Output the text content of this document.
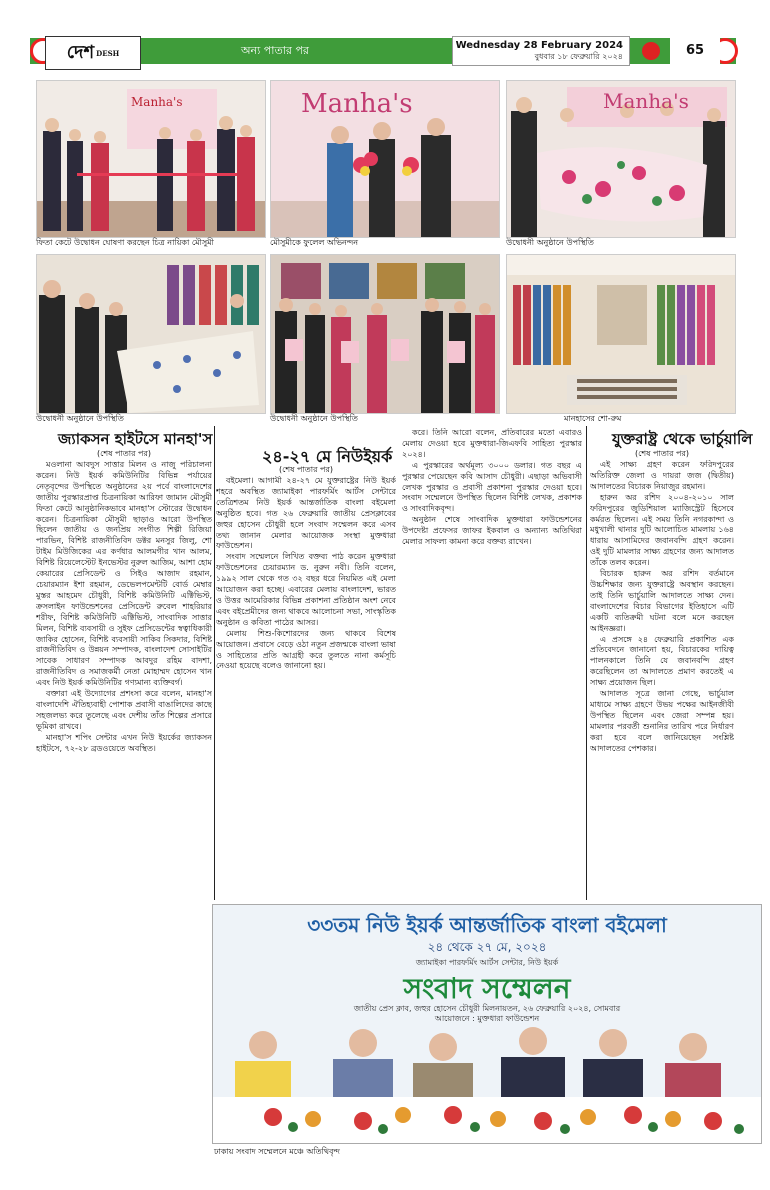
দেশ DESH	অন্য পাতার পর	Wednesday 28 February 2024
বুধবার ১৮ ফেব্রুয়ারি ২০২৪	65
Manha's
ফিতা কেটে উদ্বোধন ঘোষণা করছেন চিত্র নায়িকা মৌসুমী
Manha's
মৌসুমীকে ফুলেল অভিনন্দন
Manha's
উদ্বোধনী অনুষ্ঠানে উপস্থিতি
উদ্বোধনী অনুষ্ঠানে উপস্থিতি	উদ্বোধনী অনুষ্ঠানে উপস্থিতি	মানহাসের শো-রুম
জ্যাকসন হাইটসে মানহা'স
(শেষ পাতার পর)

মওলানা আবদুস সাত্তার মিলন ও নাজু পরিচালনা করেন। নিউ ইয়র্ক কমিউনিটির বিভিন্ন পর্যায়ের নেতৃবৃন্দের উপস্থিতে অনুষ্ঠানের ২য় পর্বে বাংলাদেশের জাতীয় পুরস্কারপ্রাপ্ত চিত্রনায়িকা আরিফা জামান মৌসুমী ফিতা কেটে আনুষ্ঠানিকভাবে মানহা'স স্টোরের উদ্বোধন করেন। চিত্রনায়িকা মৌসুমী ছাড়াও আরো উপস্থিত ছিলেন জাতীয় ও জনপ্রিয় সংগীত শিল্পী রিজিয়া পারভিন, বিশিষ্ট রাজনীতিবিদ ডক্টর মনসুর জিলু, শো টাইম মিউজিকের এর কর্ণধার আলমগীর খান আলম, বিশিষ্ট রিয়েলেস্টেট ইনভেস্টর নুরুল আজিম, আশা হোম কেয়ারের প্রেসিডেন্ট ও সিইও আজাদ রহমান, চেয়ারম্যান ইশা রহমান, ডেভেলপমেন্টটি বোর্ড মেম্বার মুস্তর আহমেদ চৌধুরী, বিশিষ্ট কমিউনিটি এক্টিভিস্ট, ক্রসলাইন ফাউন্ডেশনের প্রেসিডেন্ট রুবেল শাহরিয়ার শরীফ, বিশিষ্ট কমিউনিটি এক্টিভিস্ট, সাংবাদিক সাত্তার মিলন, বিশিষ্ট ব্যবসায়ী ও সুইফ প্রেসিডেন্টের স্বত্বাধিকারী জাকির হোসেন, বিশিষ্ট ব্যবসায়ী সাকিব সিকদার, বিশিষ্ট রাজনীতিবিদ ও উন্নয়ন সম্পাদক, বাংলাদেশ সোসাইটির সাবেক সাধারণ সম্পাদক আবদুর রহিম বাদশা, রাজনীতিবিদ ও সমাজকর্মী নেতা মোহাম্মদ হোসেন খান এবং নিউ ইয়র্ক কমিউনিটির গণ্যমান্য ব্যক্তিবর্গ।

বক্তারা এই উদ্যোগের প্রশংসা করে বলেন, মানহা'স বাংলাদেশি ঐতিহ্যবাহী পোশাক প্রবাসী বাঙালিদের কাছে সহজলভ্য করে তুলেছে এবং দেশীয় তাঁত শিল্পের প্রসারে ভূমিকা রাখবে।

মানহা'স শপিং সেন্টার এখন নিউ ইয়র্কের জ্যাকসন হাইটসে, ৭২-২৮ ব্রডওয়েতে অবস্থিত।

২৪-২৭ মে নিউইয়র্ক
(শেষ পাতার পর)

বইমেলা। আগামী ২৪-২৭ মে যুক্তরাষ্ট্রের নিউ ইয়র্ক শহরে অবস্থিত জ্যামাইকা পারফর্মিং আর্টস সেন্টারে তেত্রিশতম নিউ ইয়র্ক আন্তর্জাতিক বাংলা বইমেলা অনুষ্ঠিত হবে। গত ২৬ ফেব্রুয়ারি জাতীয় প্রেসক্লাবের জহুর হোসেন চৌধুরী হলে সংবাদ সম্মেলন করে এসব তথ্য জানান মেলার আয়োজক সংস্থা মুক্তধারা ফাউন্ডেশন।

সংবাদ সম্মেলনে লিখিত বক্তব্য পাঠ করেন মুক্তধারা ফাউন্ডেশনের চেয়ারম্যান ড. নুরুন নবী। তিনি বলেন, ১৯৯২ সাল থেকে গত ৩২ বছর ধরে নিয়মিত এই মেলা আয়োজন করা হচ্ছে। এবারের মেলায় বাংলাদেশ, ভারত ও উত্তর আমেরিকার বিভিন্ন প্রকাশনা প্রতিষ্ঠান অংশ নেবে এবং বইপ্রেমীদের জন্য থাকবে আলোচনা সভা, সাংস্কৃতিক অনুষ্ঠান ও কবিতা পাঠের আসর।

মেলায় শিশু-কিশোরদের জন্য থাকবে বিশেষ আয়োজন। প্রবাসে বেড়ে ওঠা নতুন প্রজন্মকে বাংলা ভাষা ও সাহিত্যের প্রতি আগ্রহী করে তুলতে নানা কর্মসূচি নেওয়া হয়েছে বলেও জানানো হয়।

করে। তিনি আরো বলেন, প্রতিবারের মতো এবারও মেলায় দেওয়া হবে মুক্তধারা-জিএফবি সাহিত্য পুরস্কার ২০২৪।

এ পুরস্কারের অর্থমূল্য ৩০০০ ডলার। গত বছর এ পুরস্কার পেয়েছেন কবি আসাদ চৌধুরী। এছাড়া অভিবাসী লেখক পুরস্কার ও প্রবাসী প্রকাশনা পুরস্কার দেওয়া হবে। সংবাদ সম্মেলনে উপস্থিত ছিলেন বিশিষ্ট লেখক, প্রকাশক ও সাংবাদিকবৃন্দ।

অনুষ্ঠান শেষে সাংবাদিক মুক্তধারা ফাউন্ডেশনের উপদেষ্টা প্রফেসর জাফর ইকবাল ও অন্যান্য অতিথিরা মেলার সাফল্য কামনা করে বক্তব্য রাখেন।

যুক্তরাষ্ট্র থেকে ভার্চুয়ালি
(শেষ পাতার পর)

এই সাক্ষ্য গ্রহণ করেন ফরিদপুরের অতিরিক্ত জেলা ও দায়রা জজ (দ্বিতীয়) আদালতের বিচারক নিয়াজুর রহমান।

হারুন অর রশিদ ২০০৪-২০১০ সাল ফরিদপুরের জুডিশিয়াল ম্যাজিস্ট্রেট হিসেবে কর্মরত ছিলেন। এই সময় তিনি নগরকান্দা ও মধুখালী থানার দুটি আলোচিত মামলায় ১৬৪ ধারায় আসামিদের জবানবন্দি গ্রহণ করেন। ওই দুটি মামলার সাক্ষ্য গ্রহণের জন্য আদালত তাঁকে তলব করেন।

বিচারক হারুন অর রশিদ বর্তমানে উচ্চশিক্ষার জন্য যুক্তরাষ্ট্রে অবস্থান করছেন। তাই তিনি ভার্চুয়ালি আদালতে সাক্ষ্য দেন। বাংলাদেশের বিচার বিভাগের ইতিহাসে এটি একটি ব্যতিক্রমী ঘটনা বলে মনে করছেন আইনজ্ঞরা।

এ প্রসঙ্গে ২৪ ফেব্রুয়ারি প্রকাশিত এক প্রতিবেদনে জানানো হয়, বিচারকের দায়িত্ব পালনকালে তিনি যে জবানবন্দি গ্রহণ করেছিলেন তা আদালতে প্রমাণ করতেই এ সাক্ষ্য প্রয়োজন ছিল।

আদালত সূত্রে জানা গেছে, ভার্চুয়াল মাধ্যমে সাক্ষ্য গ্রহণে উভয় পক্ষের আইনজীবী উপস্থিত ছিলেন এবং জেরা সম্পন্ন হয়। মামলার পরবর্তী শুনানির তারিখ পরে নির্ধারণ করা হবে বলে জানিয়েছেন সংশ্লিষ্ট আদালতের পেশকার।

৩৩তম নিউ ইয়র্ক আন্তর্জাতিক বাংলা বইমেলা
২৪ থেকে ২৭ মে, ২০২৪
জ্যামাইকা পারফর্মিং আর্টস সেন্টার, নিউ ইয়র্ক
সংবাদ সম্মেলন
জাতীয় প্রেস ক্লাব, জহুর হোসেন চৌধুরী মিলনায়তন, ২৬ ফেব্রুয়ারি ২০২৪, সোমবার
আয়োজনে : মুক্তধারা ফাউন্ডেশন
ঢাকায় সংবাদ সম্মেলনে মঞ্চে অতিথিবৃন্দ
